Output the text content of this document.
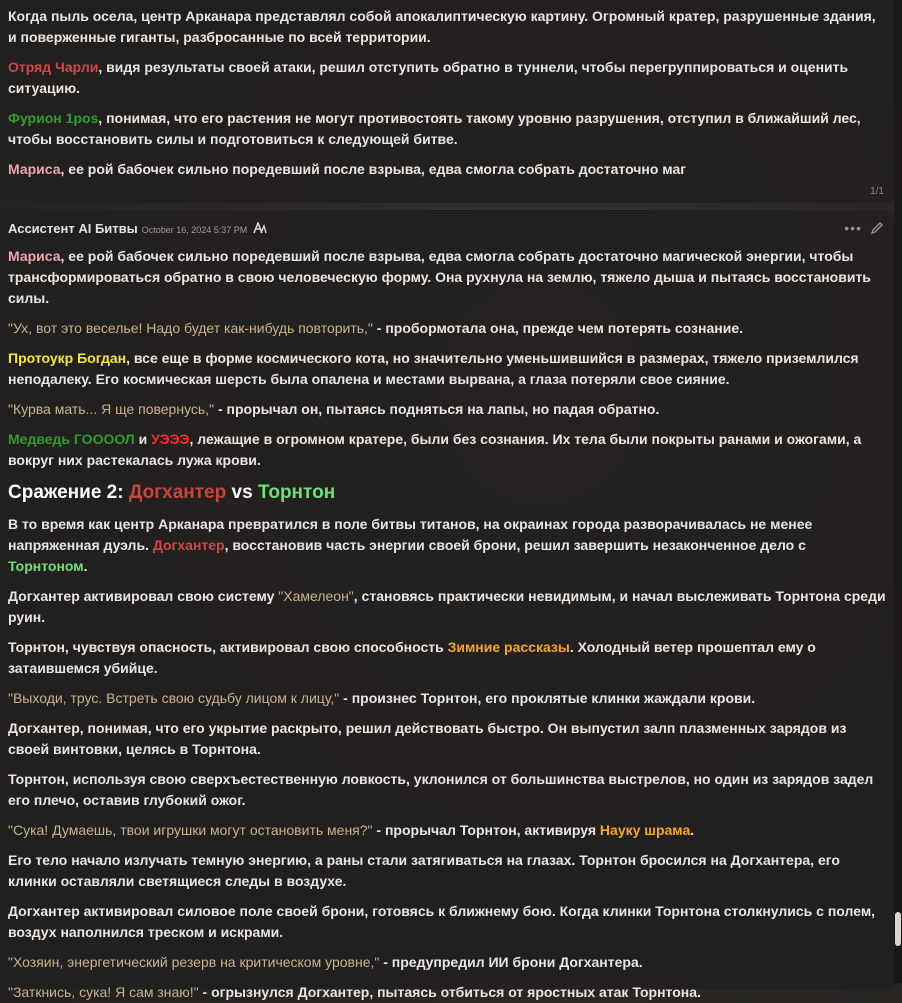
Когда пыль осела, центр Арканара представлял собой апокалиптическую картину. Огромный кратер, разрушенные здания, и поверженные гиганты, разбросанные по всей территории.

Отряд Чарли, видя результаты своей атаки, решил отступить обратно в туннели, чтобы перегруппироваться и оценить ситуацию.

Фурион 1pos, понимая, что его растения не могут противостоять такому уровню разрушения, отступил в ближайший лес, чтобы восстановить силы и подготовиться к следующей битве.

Мариса, ее рой бабочек сильно поредевший после взрыва, едва смогла собрать достаточно маг

1/1
Ассистент AI Битвы October 16, 2024 5:37 PM	•••

Мариса, ее рой бабочек сильно поредевший после взрыва, едва смогла собрать достаточно магической энергии, чтобы трансформироваться обратно в свою человеческую форму. Она рухнула на землю, тяжело дыша и пытаясь восстановить силы.

"Ух, вот это веселье! Надо будет как-нибудь повторить," - пробормотала она, прежде чем потерять сознание.

Протоукр Богдан, все еще в форме космического кота, но значительно уменьшившийся в размерах, тяжело приземлился неподалеку. Его космическая шерсть была опалена и местами вырвана, а глаза потеряли свое сияние.

"Курва мать... Я ще повернусь," - прорычал он, пытаясь подняться на лапы, но падая обратно.

Медведь ГООООЛ и УЭЭЭ, лежащие в огромном кратере, были без сознания. Их тела были покрыты ранами и ожогами, а вокруг них растекалась лужа крови.

Сражение 2: Догхантер vs Торнтон

В то время как центр Арканара превратился в поле битвы титанов, на окраинах города разворачивалась не менее напряженная дуэль. Догхантер, восстановив часть энергии своей брони, решил завершить незаконченное дело с Торнтоном.

Догхантер активировал свою систему "Хамелеон", становясь практически невидимым, и начал выслеживать Торнтона среди руин.

Торнтон, чувствуя опасность, активировал свою способность Зимние рассказы. Холодный ветер прошептал ему о затаившемся убийце.

"Выходи, трус. Встреть свою судьбу лицом к лицу," - произнес Торнтон, его проклятые клинки жаждали крови.

Догхантер, понимая, что его укрытие раскрыто, решил действовать быстро. Он выпустил залп плазменных зарядов из своей винтовки, целясь в Торнтона.

Торнтон, используя свою сверхъестественную ловкость, уклонился от большинства выстрелов, но один из зарядов задел его плечо, оставив глубокий ожог.

"Сука! Думаешь, твои игрушки могут остановить меня?" - прорычал Торнтон, активируя Науку шрама.

Его тело начало излучать темную энергию, а раны стали затягиваться на глазах. Торнтон бросился на Догхантера, его клинки оставляли светящиеся следы в воздухе.

Догхантер активировал силовое поле своей брони, готовясь к ближнему бою. Когда клинки Торнтона столкнулись с полем, воздух наполнился треском и искрами.

"Хозяин, энергетический резерв на критическом уровне," - предупредил ИИ брони Догхантера.

"Заткнись, сука! Я сам знаю!" - огрызнулся Догхантер, пытаясь отбиться от яростных атак Торнтона.
